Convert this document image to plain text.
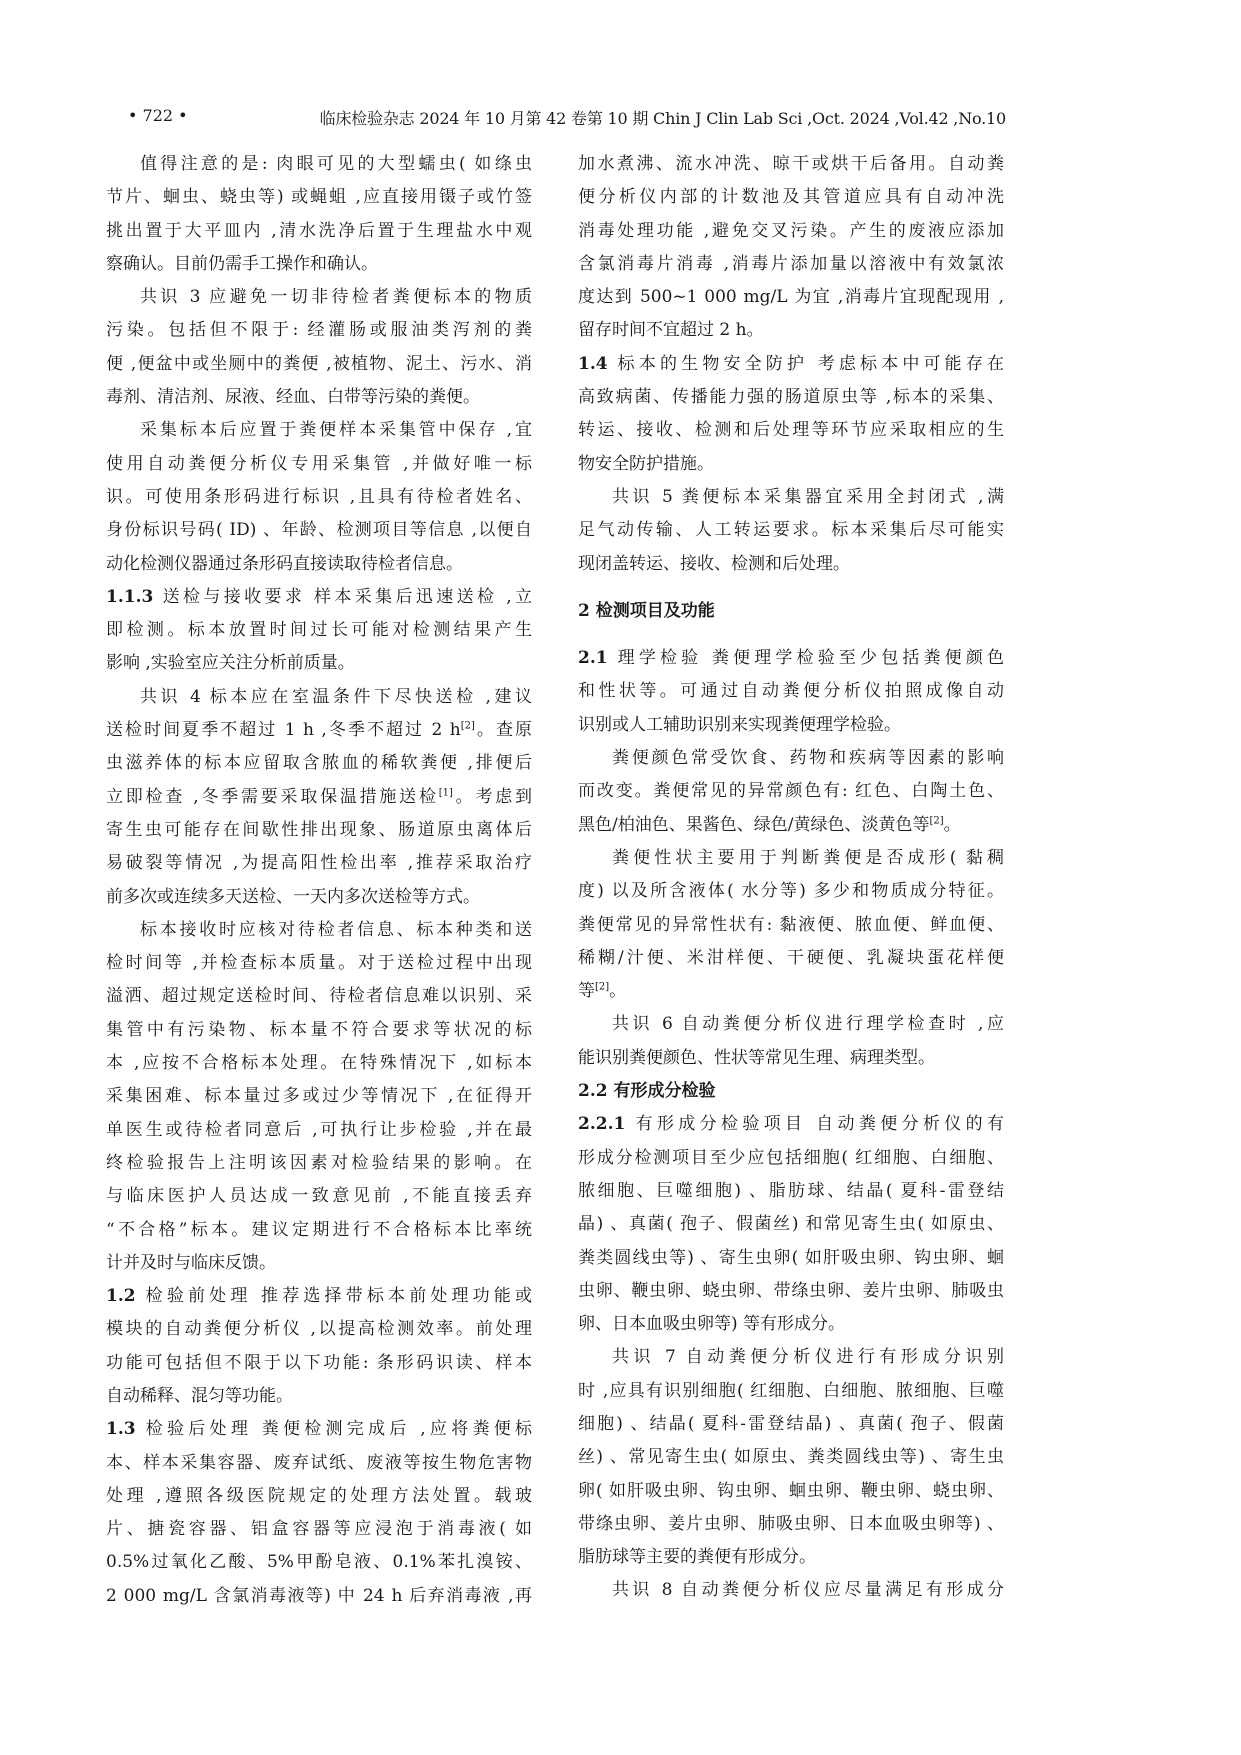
• 722 •	临床检验杂志 2024 年 10 月第 42 卷第 10 期 Chin J Clin Lab Sci ,Oct. 2024 ,Vol.42 ,No.10
值得注意的是: 肉眼可见的大型蠕虫( 如绦虫
节片、蛔虫、蛲虫等) 或蝇蛆 ,应直接用镊子或竹签
挑出置于大平皿内 ,清水洗净后置于生理盐水中观
察确认。目前仍需手工操作和确认。
共识 3 应避免一切非待检者粪便标本的物质
污染。包括但不限于: 经灌肠或服油类泻剂的粪
便 ,便盆中或坐厕中的粪便 ,被植物、泥土、污水、消
毒剂、清洁剂、尿液、经血、白带等污染的粪便。
采集标本后应置于粪便样本采集管中保存 ,宜
使用自动粪便分析仪专用采集管 ,并做好唯一标
识。可使用条形码进行标识 ,且具有待检者姓名、
身份标识号码( ID) 、年龄、检测项目等信息 ,以便自
动化检测仪器通过条形码直接读取待检者信息。
1.1.3 送检与接收要求 样本采集后迅速送检 ,立
即检测。标本放置时间过长可能对检测结果产生
影响 ,实验室应关注分析前质量。
共识 4 标本应在室温条件下尽快送检 ,建议
送检时间夏季不超过 1 h ,冬季不超过 2 h[2]。查原
虫滋养体的标本应留取含脓血的稀软粪便 ,排便后
立即检查 ,冬季需要采取保温措施送检[1]。考虑到
寄生虫可能存在间歇性排出现象、肠道原虫离体后
易破裂等情况 ,为提高阳性检出率 ,推荐采取治疗
前多次或连续多天送检、一天内多次送检等方式。
标本接收时应核对待检者信息、标本种类和送
检时间等 ,并检查标本质量。对于送检过程中出现
溢洒、超过规定送检时间、待检者信息难以识别、采
集管中有污染物、标本量不符合要求等状况的标
本 ,应按不合格标本处理。在特殊情况下 ,如标本
采集困难、标本量过多或过少等情况下 ,在征得开
单医生或待检者同意后 ,可执行让步检验 ,并在最
终检验报告上注明该因素对检验结果的影响。在
与临床医护人员达成一致意见前 ,不能直接丢弃
“不合格”标本。建议定期进行不合格标本比率统
计并及时与临床反馈。
1.2 检验前处理 推荐选择带标本前处理功能或
模块的自动粪便分析仪 ,以提高检测效率。前处理
功能可包括但不限于以下功能: 条形码识读、样本
自动稀释、混匀等功能。
1.3 检验后处理 粪便检测完成后 ,应将粪便标
本、样本采集容器、废弃试纸、废液等按生物危害物
处理 ,遵照各级医院规定的处理方法处置。载玻
片、搪瓷容器、铝盒容器等应浸泡于消毒液( 如
0.5%过氧化乙酸、5%甲酚皂液、0.1%苯扎溴铵、
2 000 mg/L 含氯消毒液等) 中 24 h 后弃消毒液 ,再
加水煮沸、流水冲洗、晾干或烘干后备用。自动粪
便分析仪内部的计数池及其管道应具有自动冲洗
消毒处理功能 ,避免交叉污染。产生的废液应添加
含氯消毒片消毒 ,消毒片添加量以溶液中有效氯浓
度达到 500~1 000 mg/L 为宜 ,消毒片宜现配现用 ,
留存时间不宜超过 2 h。
1.4 标本的生物安全防护 考虑标本中可能存在
高致病菌、传播能力强的肠道原虫等 ,标本的采集、
转运、接收、检测和后处理等环节应采取相应的生
物安全防护措施。
共识 5 粪便标本采集器宜采用全封闭式 ,满
足气动传输、人工转运要求。标本采集后尽可能实
现闭盖转运、接收、检测和后处理。
2 检测项目及功能
2.1 理学检验 粪便理学检验至少包括粪便颜色
和性状等。可通过自动粪便分析仪拍照成像自动
识别或人工辅助识别来实现粪便理学检验。
粪便颜色常受饮食、药物和疾病等因素的影响
而改变。粪便常见的异常颜色有: 红色、白陶土色、
黑色/柏油色、果酱色、绿色/黄绿色、淡黄色等[2]。
粪便性状主要用于判断粪便是否成形( 黏稠
度) 以及所含液体( 水分等) 多少和物质成分特征。
粪便常见的异常性状有: 黏液便、脓血便、鲜血便、
稀糊/汁便、米泔样便、干硬便、乳凝块蛋花样便
等[2]。
共识 6 自动粪便分析仪进行理学检查时 ,应
能识别粪便颜色、性状等常见生理、病理类型。
2.2 有形成分检验
2.2.1 有形成分检验项目 自动粪便分析仪的有
形成分检测项目至少应包括细胞( 红细胞、白细胞、
脓细胞、巨噬细胞) 、脂肪球、结晶( 夏科-雷登结
晶) 、真菌( 孢子、假菌丝) 和常见寄生虫( 如原虫、
粪类圆线虫等) 、寄生虫卵( 如肝吸虫卵、钩虫卵、蛔
虫卵、鞭虫卵、蛲虫卵、带绦虫卵、姜片虫卵、肺吸虫
卵、日本血吸虫卵等) 等有形成分。
共识 7 自动粪便分析仪进行有形成分识别
时 ,应具有识别细胞( 红细胞、白细胞、脓细胞、巨噬
细胞) 、结晶( 夏科-雷登结晶) 、真菌( 孢子、假菌
丝) 、常见寄生虫( 如原虫、粪类圆线虫等) 、寄生虫
卵( 如肝吸虫卵、钩虫卵、蛔虫卵、鞭虫卵、蛲虫卵、
带绦虫卵、姜片虫卵、肺吸虫卵、日本血吸虫卵等) 、
脂肪球等主要的粪便有形成分。
共识 8 自动粪便分析仪应尽量满足有形成分
